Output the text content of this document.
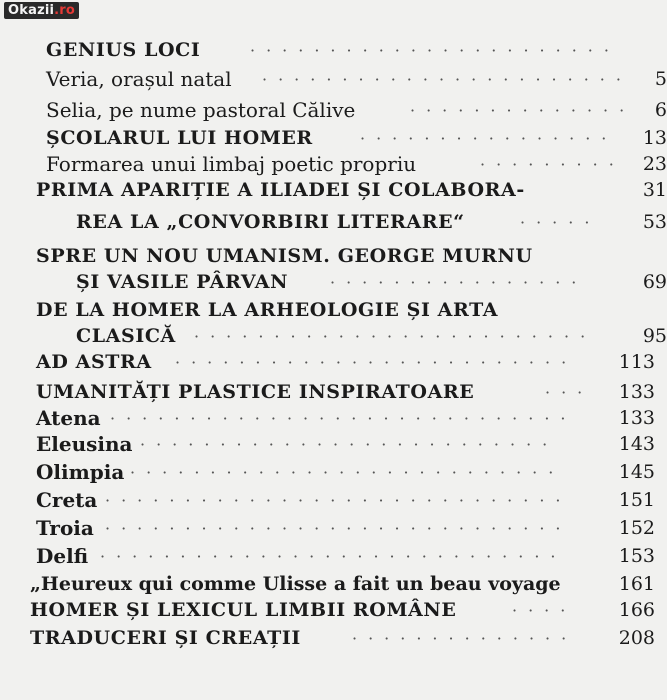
Okazii.ro
GENIUS LOCI	·······················
Veria, orașul natal ······················· 5
Selia, pe nume pastoral Călive	·············· 6
ȘCOLARUL LUI HOMER	················	13
Formarea unui limbaj poetic propriu	········· 23
PRIMA APARIȚIE A ILIADEI ȘI COLABORA-	31
REA LA „CONVORBIRI LITERARE“	·····	53
SPRE UN NOU UMANISM. GEORGE MURNU
ȘI VASILE PÂRVAN	················	69
DE LA HOMER LA ARHEOLOGIE ȘI ARTA
CLASICĂ ·························	95
AD ASTRA ·························	113
UMANITĂȚI PLASTICE INSPIRATOARE	···	133
Atena ·····························	133
Eleusina ··························	143
Olimpia ···························	145
Creta ·····························	151
Troia ·····························	152
Delfi ·····························	153
„Heureux qui comme Ulisse a fait un beau voyage	161
HOMER ȘI LEXICUL LIMBII ROMÂNE	····	166
TRADUCERI ȘI CREAȚII	··············	208
